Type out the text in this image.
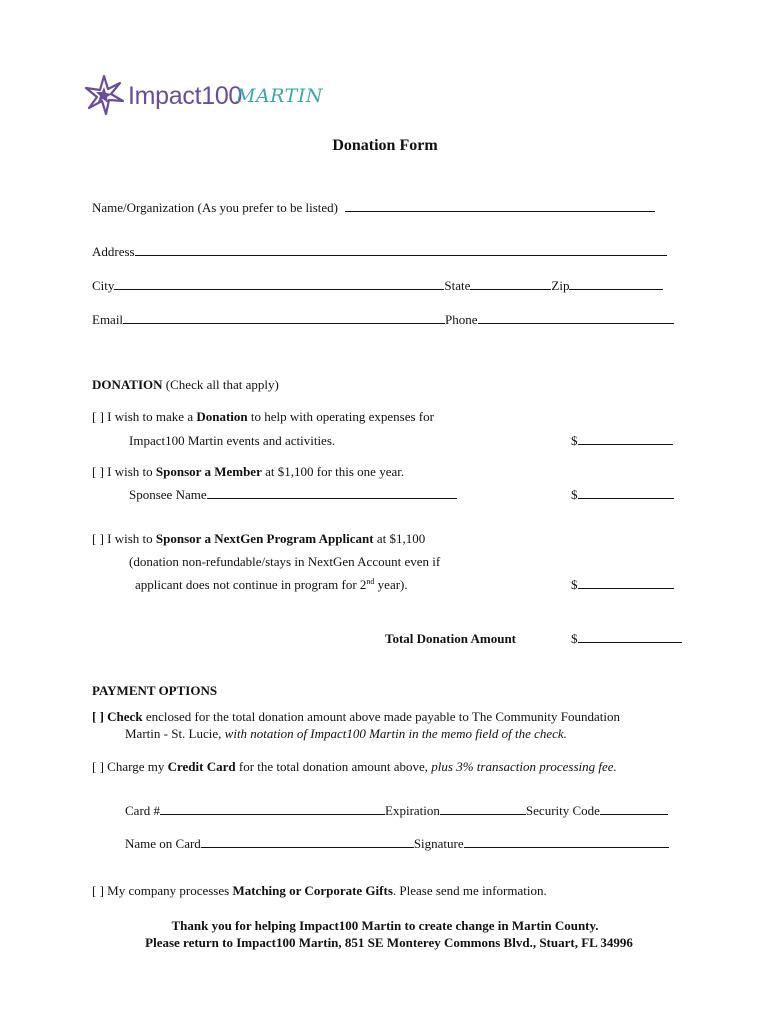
Impact100
MARTIN
Donation Form
Name/Organization (As you prefer to be listed)
Address
City	State	Zip
Email	Phone
DONATION (Check all that apply)
[ ] I wish to make a Donation to help with operating expenses for
Impact100 Martin events and activities.	$
[ ] I wish to Sponsor a Member at $1,100 for this one year.
Sponsee Name	$
[ ] I wish to Sponsor a NextGen Program Applicant at $1,100
(donation non-refundable/stays in NextGen Account even if
applicant does not continue in program for 2nd year).	$
Total Donation Amount	$
PAYMENT OPTIONS
[ ] Check enclosed for the total donation amount above made payable to The Community Foundation
Martin - St. Lucie, with notation of Impact100 Martin in the memo field of the check.
[ ] Charge my Credit Card for the total donation amount above, plus 3% transaction processing fee.
Card #	Expiration	Security Code
Name on Card	Signature
[ ] My company processes Matching or Corporate Gifts. Please send me information.
Thank you for helping Impact100 Martin to create change in Martin County.
Please return to Impact100 Martin, 851 SE Monterey Commons Blvd., Stuart, FL 34996
